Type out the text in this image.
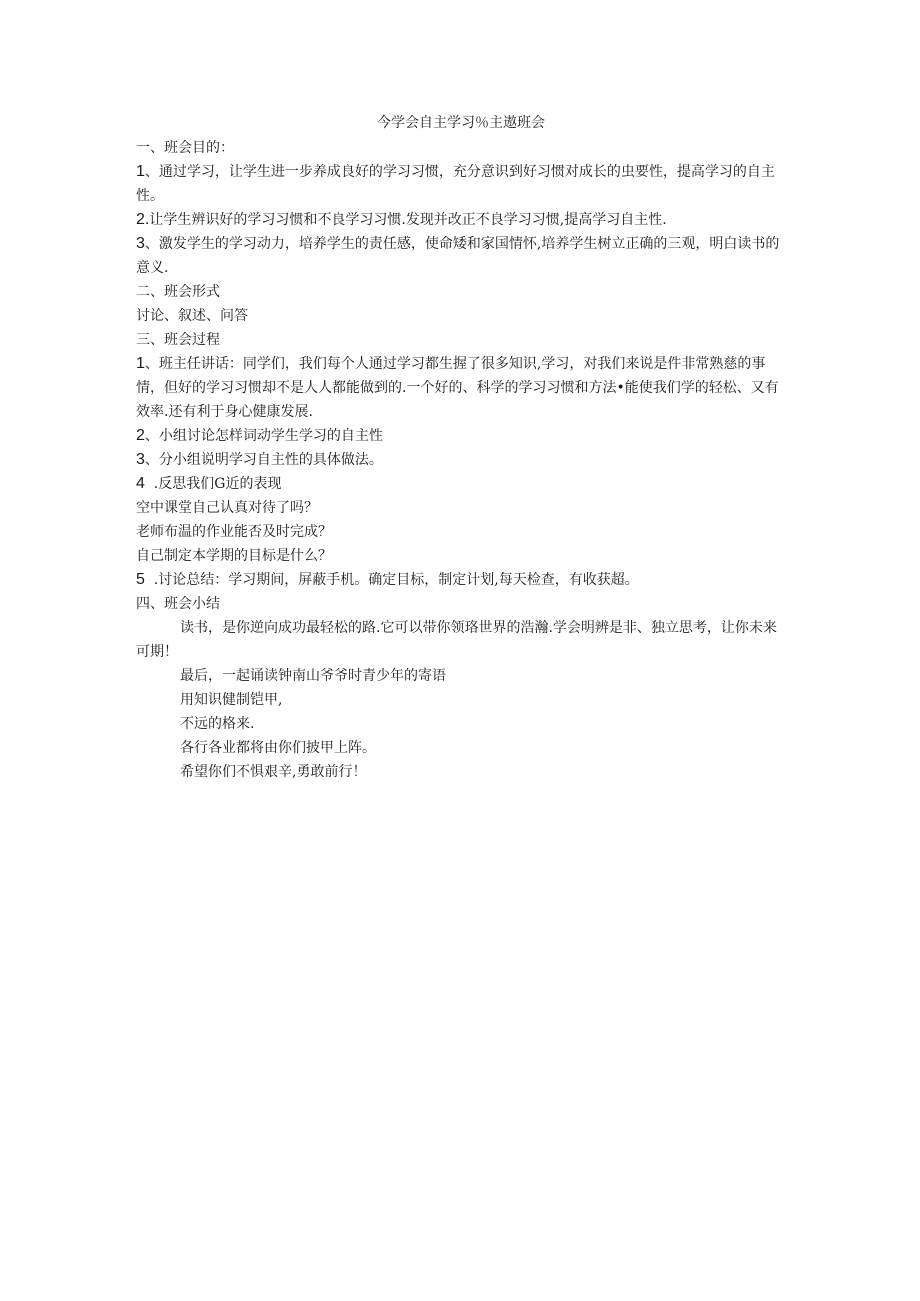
今学会自主学习％主遨班会

一、班会目的：

1、通过学习，让学生进一步养成良好的学习习惯，充分意识到好习惯对成长的虫要性，提高学习的自主性。

2.让学生辨识好的学习习惯和不良学习习惯.发现并改正不良学习习惯,提高学习自主性.

3、激发学生的学习动力，培养学生的责任感，使命矮和家国情怀,培养学生树立正确的三观，明白读书的意义.

二、班会形式

讨论、叙述、问答

三、班会过程

1、班主任讲话：同学们，我们每个人通过学习都生握了很多知识,学习，对我们来说是件非常熟慈的事情，但好的学习习惯却不是人人都能做到的.一个好的、科学的学习习惯和方法•能使我们学的轻松、又有效率.还有利于身心健康发展.

2、小组讨论怎样词动学生学习的自主性

3、分小组说明学习自主性的具体做法。

4  .反思我们G近的表现

空中课堂自己认真对待了吗？

老师布温的作业能否及时完成？

自己制定本学期的目标是什么？

5  .讨论总结：学习期间，屏蔽手机。确定目标，制定计划,每天检查，有收获超。

四、班会小结

读书，是你逆向成功最轻松的路.它可以带你领珞世界的浩瀚.学会明辨是非、独立思考，让你未来可期！

最后，一起诵读钟南山爷爷时青少年的寄语

用知识健制铠甲,

不远的格来.

各行各业都将由你们披甲上阵。

希望你们不惧艰辛,勇敢前行！
